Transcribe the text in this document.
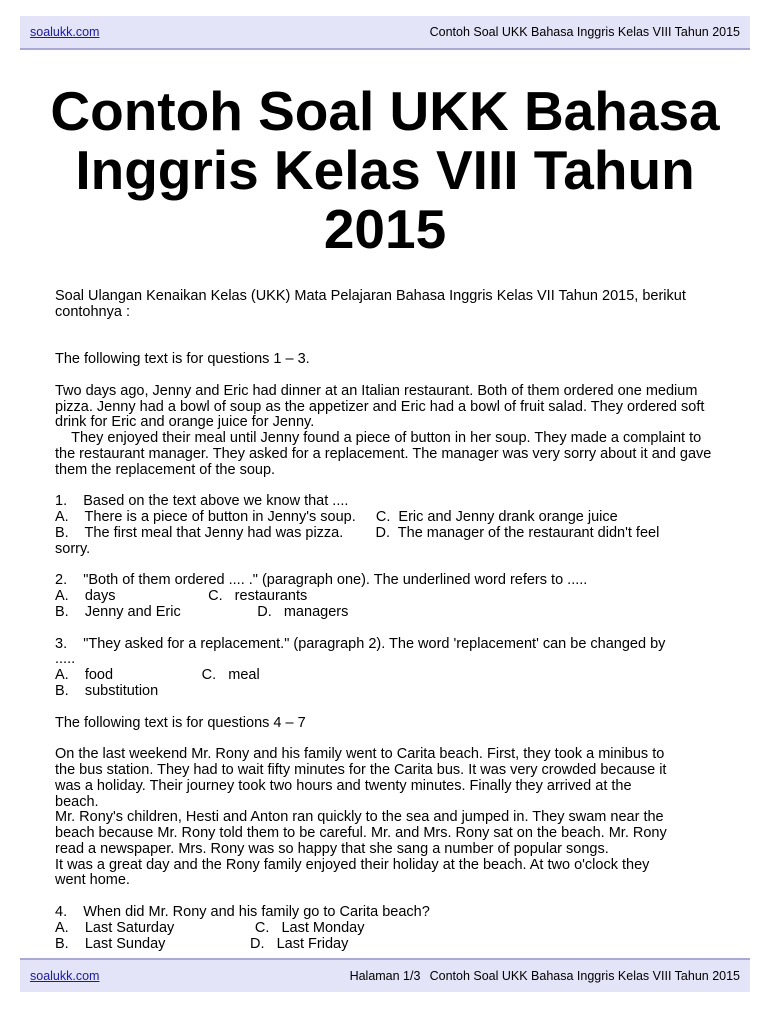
soalukk.com	Contoh Soal UKK Bahasa Inggris Kelas VIII Tahun 2015
Contoh Soal UKK Bahasa Inggris Kelas VIII Tahun 2015

Soal Ulangan Kenaikan Kelas (UKK) Mata Pelajaran Bahasa Inggris Kelas VII Tahun 2015, berikut contohnya :

The following text is for questions 1 – 3.

Two days ago, Jenny and Eric had dinner at an Italian restaurant. Both of them ordered one medium pizza. Jenny had a bowl of soup as the appetizer and Eric had a bowl of fruit salad. They ordered soft drink for Eric and orange juice for Jenny.
They enjoyed their meal until Jenny found a piece of button in her soup. They made a complaint to the restaurant manager. They asked for a replacement. The manager was very sorry about it and gave them the replacement of the soup.
1.    Based on the text above we know that ....
A.    There is a piece of button in Jenny's soup.     C.  Eric and Jenny drank orange juice
B.    The first meal that Jenny had was pizza.        D.  The manager of the restaurant didn't feel
sorry.
2.    "Both of them ordered .... ." (paragraph one). The underlined word refers to .....
A.    days                       C.   restaurants
B.    Jenny and Eric                   D.   managers
3.    "They asked for a replacement." (paragraph 2). The word 'replacement' can be changed by
.....
A.    food                      C.   meal
B.    substitution

The following text is for questions 4 – 7

On the last weekend Mr. Rony and his family went to Carita beach. First, they took a minibus to
the bus station. They had to wait fifty minutes for the Carita bus. It was very crowded because it
was a holiday. Their journey took two hours and twenty minutes. Finally they arrived at the
beach.
Mr. Rony's children, Hesti and Anton ran quickly to the sea and jumped in. They swam near the
beach because Mr. Rony told them to be careful. Mr. and Mrs. Rony sat on the beach. Mr. Rony
read a newspaper. Mrs. Rony was so happy that she sang a number of popular songs.
It was a great day and the Rony family enjoyed their holiday at the beach. At two o'clock they
went home.
4.    When did Mr. Rony and his family go to Carita beach?
A.    Last Saturday                    C.   Last Monday
B.    Last Sunday                     D.   Last Friday
soalukk.com	Halaman 1/3 Contoh Soal UKK Bahasa Inggris Kelas VIII Tahun 2015
